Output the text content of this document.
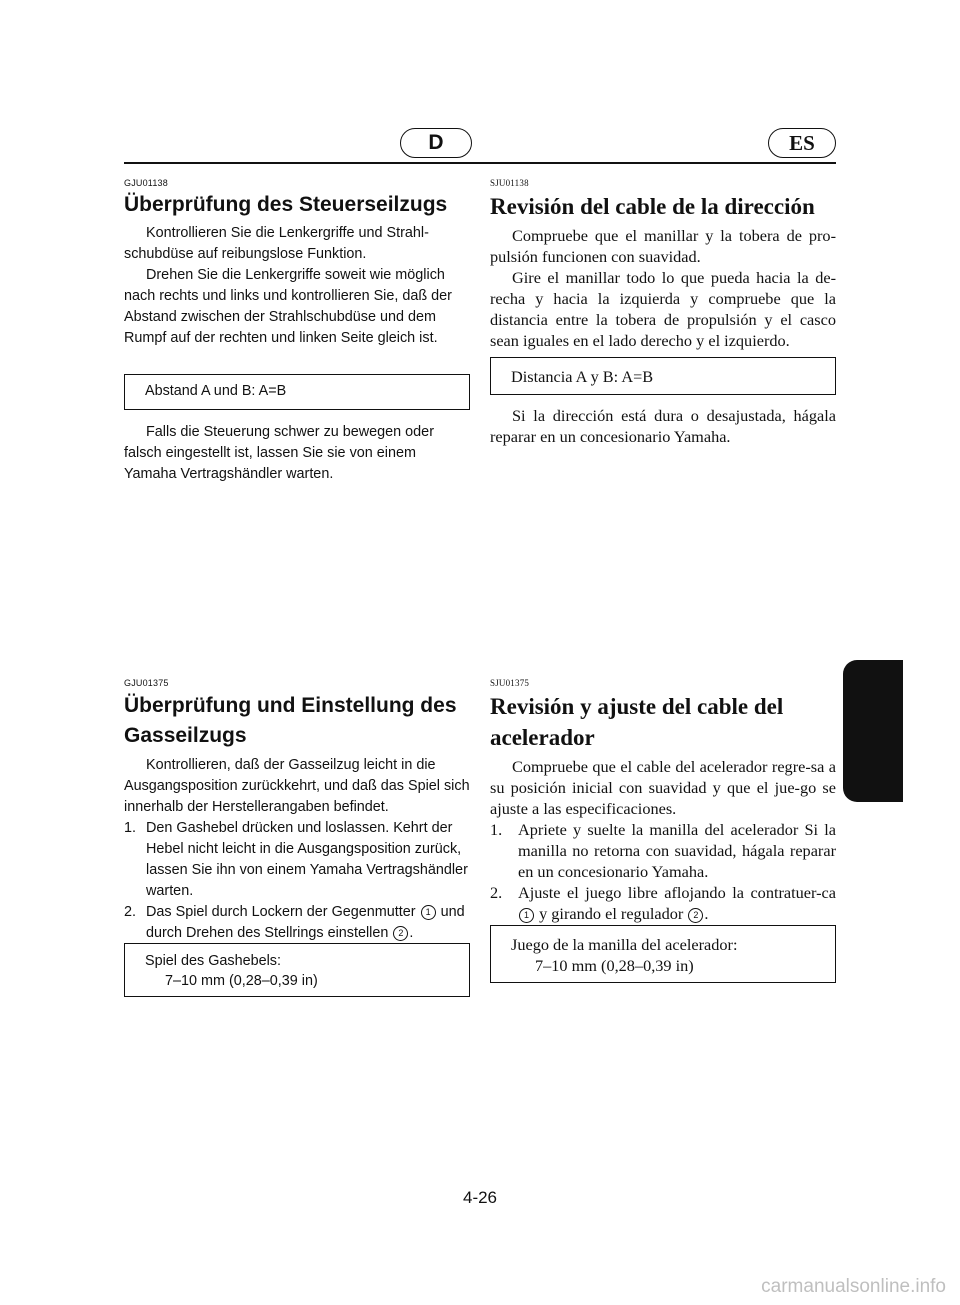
D	ES
GJU01138
Überprüfung des Steuerseilzugs

Kontrollieren Sie die Lenkergriffe und Strahl-schubdüse auf reibungslose Funktion.

Drehen Sie die Lenkergriffe soweit wie möglich nach rechts und links und kontrollieren Sie, daß der Abstand zwischen der Strahlschubdüse und dem Rumpf auf der rechten und linken Seite gleich ist.

Abstand A und B: A=B

Falls die Steuerung schwer zu bewegen oder falsch eingestellt ist, lassen Sie sie von einem Yamaha Vertragshändler warten.

SJU01138
Revisión del cable de la dirección

Compruebe que el manillar y la tobera de pro-pulsión funcionen con suavidad.

Gire el manillar todo lo que pueda hacia la de-recha y hacia la izquierda y compruebe que la distancia entre la tobera de propulsión y el casco sean iguales en el lado derecho y el izquierdo.

Distancia A y B: A=B

Si la dirección está dura o desajustada, hágala reparar en un concesionario Yamaha.

GJU01375
Überprüfung und Einstellung des Gasseilzugs

Kontrollieren, daß der Gasseilzug leicht in die Ausgangsposition zurückkehrt, und daß das Spiel sich innerhalb der Herstellerangaben befindet.

1. Den Gashebel drücken und loslassen. Kehrt der Hebel nicht leicht in die Ausgangsposition zurück, lassen Sie ihn von einem Yamaha Vertragshändler warten.
2. Das Spiel durch Lockern der Gegenmutter 1 und durch Drehen des Stellrings einstellen 2 .
Spiel des Gashebels:
7–10 mm (0,28–0,39 in)
SJU01375
Revisión y ajuste del cable del acelerador

Compruebe que el cable del acelerador regre-sa a su posición inicial con suavidad y que el jue-go se ajuste a las especificaciones.

1. Apriete y suelte la manilla del acelerador Si la manilla no retorna con suavidad, hágala reparar en un concesionario Yamaha.
2. Ajuste el juego libre aflojando la contratuer-ca 1 y girando el regulador 2 .
Juego de la manilla del acelerador:
7–10 mm (0,28–0,39 in)
4-26
carmanualsonline.info
